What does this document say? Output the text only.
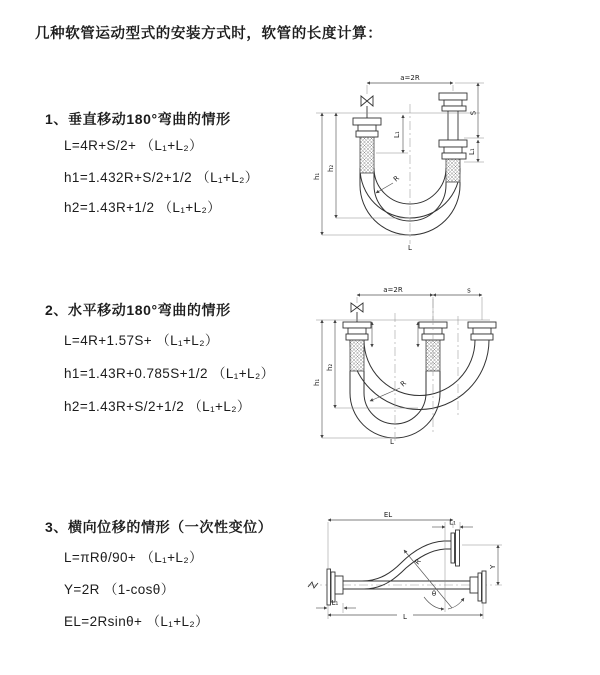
几种软管运动型式的安装方式时，软管的长度计算：
1、垂直移动180°弯曲的情形
L=4R+S/2+ （L₁+L₂）
h1=1.432R+S/2+1/2 （L₁+L₂）
h2=1.43R+1/2 （L₁+L₂）
2、水平移动180°弯曲的情形
L=4R+1.57S+ （L₁+L₂）
h1=1.43R+0.785S+1/2 （L₁+L₂）
h2=1.43R+S/2+1/2 （L₁+L₂）
3、横向位移的情形（一次性变位）
L=πRθ/90+ （L₁+L₂）
Y=2R （1-cosθ）
EL=2Rsinθ+ （L₁+L₂）
a=2R
S
L₁
L₁
h₁
h₂
R
L
a=2R	s
h₁
h₂
R
L
R
θ
EL
L₁
Y
L
L₁
